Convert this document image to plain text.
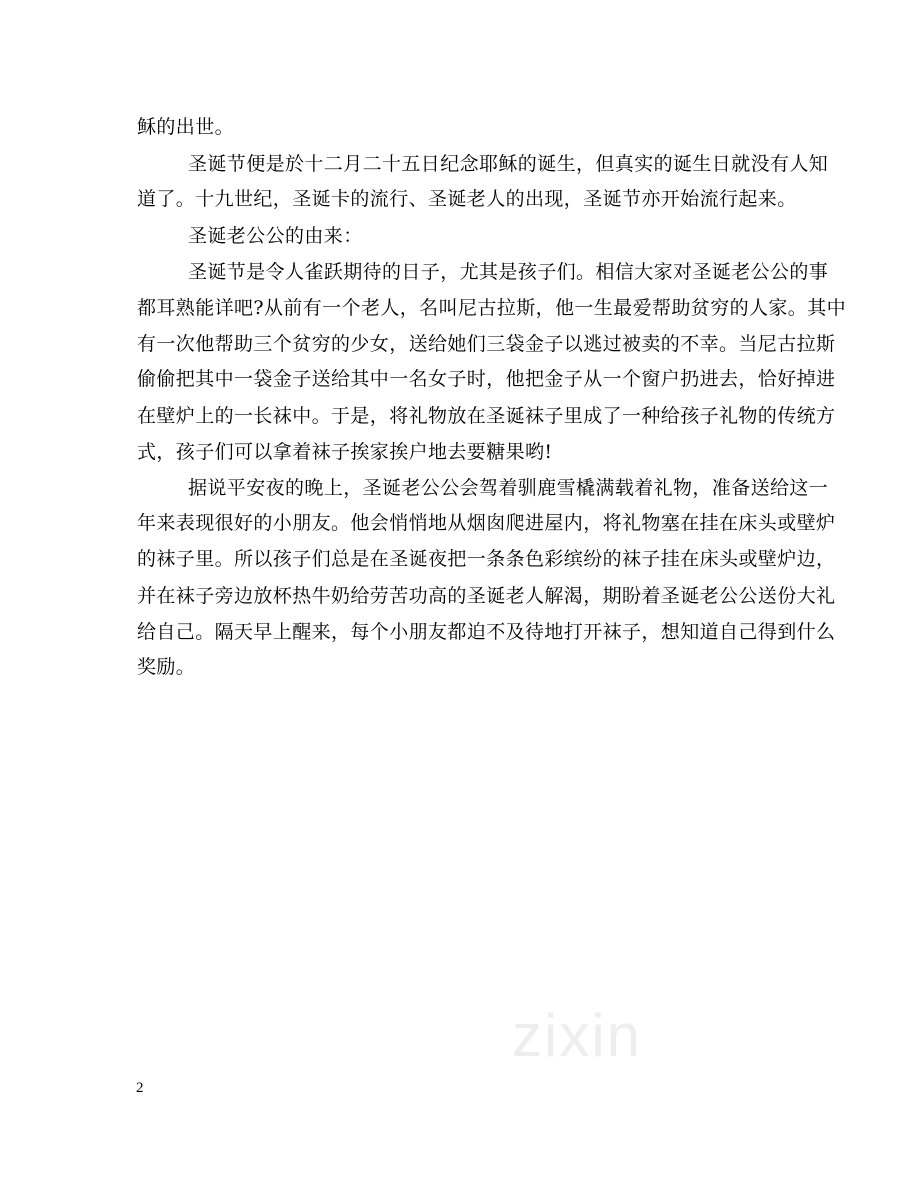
稣的出世。
圣诞节便是於十二月二十五日纪念耶稣的诞生，但真实的诞生日就没有人知
道了。十九世纪，圣诞卡的流行、圣诞老人的出现，圣诞节亦开始流行起来。
圣诞老公公的由来：
圣诞节是令人雀跃期待的日子，尤其是孩子们。相信大家对圣诞老公公的事
都耳熟能详吧?从前有一个老人，名叫尼古拉斯，他一生最爱帮助贫穷的人家。其中
有一次他帮助三个贫穷的少女，送给她们三袋金子以逃过被卖的不幸。当尼古拉斯
偷偷把其中一袋金子送给其中一名女子时，他把金子从一个窗户扔进去，恰好掉进
在壁炉上的一长袜中。于是，将礼物放在圣诞袜子里成了一种给孩子礼物的传统方
式，孩子们可以拿着袜子挨家挨户地去要糖果哟!
据说平安夜的晚上，圣诞老公公会驾着驯鹿雪橇满载着礼物，准备送给这一
年来表现很好的小朋友。他会悄悄地从烟囱爬进屋内，将礼物塞在挂在床头或壁炉
的袜子里。所以孩子们总是在圣诞夜把一条条色彩缤纷的袜子挂在床头或壁炉边，
并在袜子旁边放杯热牛奶给劳苦功高的圣诞老人解渴，期盼着圣诞老公公送份大礼
给自己。隔天早上醒来，每个小朋友都迫不及待地打开袜子，想知道自己得到什么
奖励。
zixin
2
